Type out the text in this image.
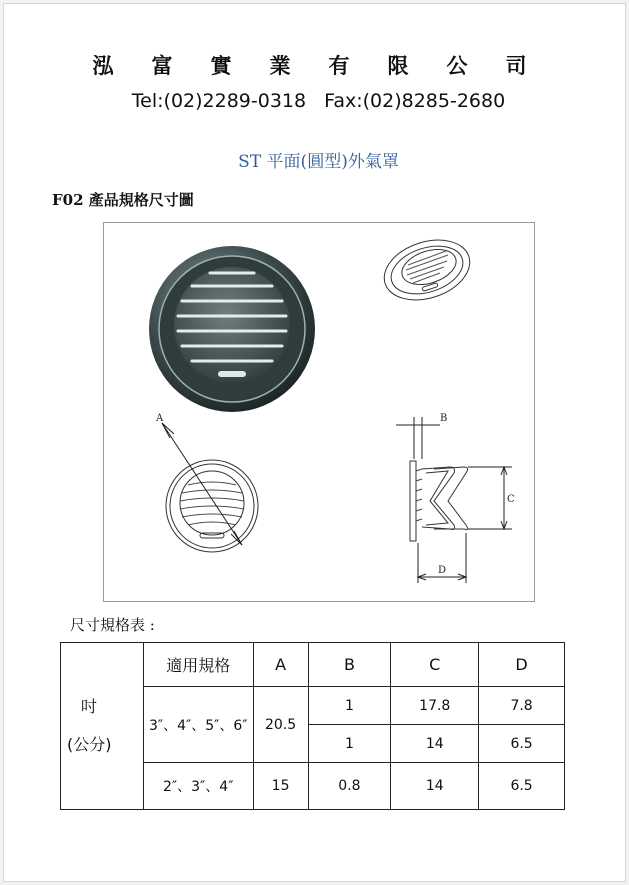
泓富實業有限公司
Tel:(02)2289-0318 Fax:(02)8285-2680
ST 平面(圓型)外氣罩
F02 產品規格尺寸圖
A	B
C
D
尺寸規格表 :
吋
(公分)	適用規格	A	B	C	D
	3″、4″、5″、6″	20.5	1	17.8	7.8
			1	14	6.5
	2″、3″、4″	15	0.8	14	6.5
